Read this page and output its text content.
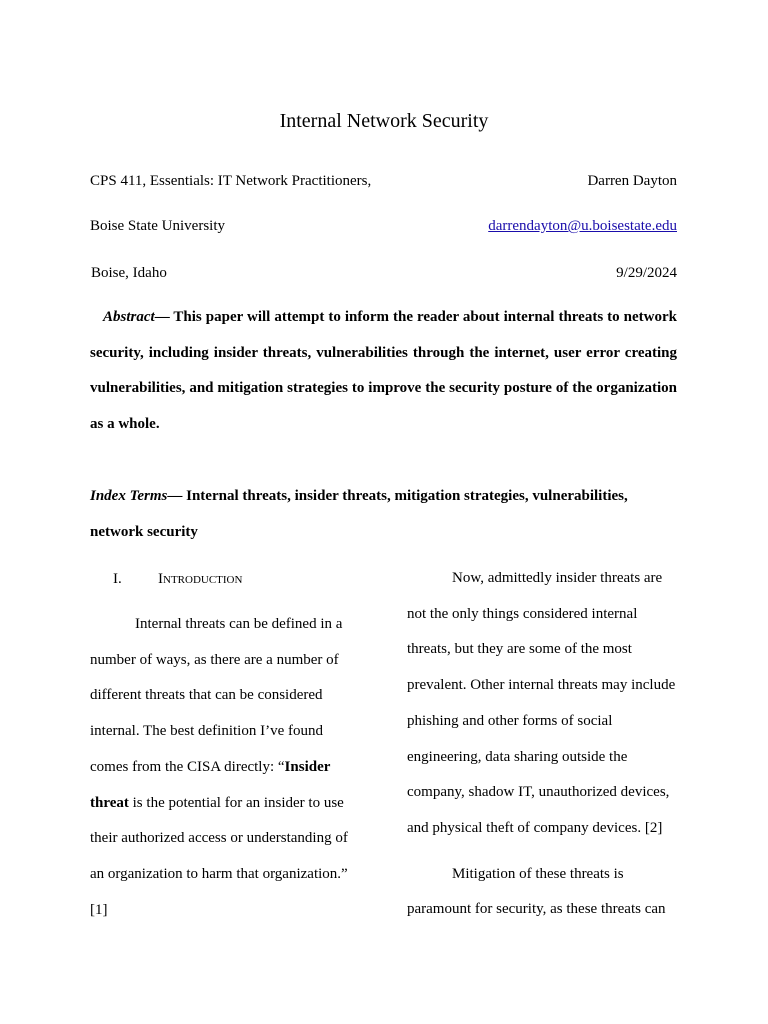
Internal Network Security
CPS 411, Essentials: IT Network Practitioners,	Darren Dayton
Boise State University	darrendayton@u.boisestate.edu
Boise, Idaho	9/29/2024

Abstract— This paper will attempt to inform the reader about internal threats to network security, including insider threats, vulnerabilities through the internet, user error creating vulnerabilities, and mitigation strategies to improve the security posture of the organization as a whole.

Index Terms— Internal threats, insider threats, mitigation strategies, vulnerabilities, network security

I. Introduction

Internal threats can be defined in a number of ways, as there are a number of different threats that can be considered internal. The best definition I’ve found comes from the CISA directly: “Insider threat is the potential for an insider to use their authorized access or understanding of an organization to harm that organization.” [1]

Now, admittedly insider threats are not the only things considered internal threats, but they are some of the most prevalent. Other internal threats may include phishing and other forms of social engineering, data sharing outside the company, shadow IT, unauthorized devices, and physical theft of company devices. [2]

Mitigation of these threats is paramount for security, as these threats can
